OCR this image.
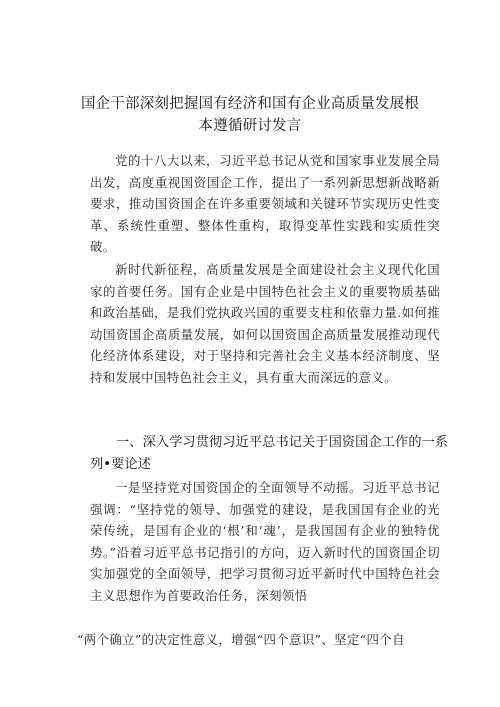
国企干部深刻把握国有经济和国有企业高质量发展根
本遵循研讨发言
党的十八大以来，习近平总书记从党和国家事业发展全局出发，高度重视国资国企工作，提出了一系列新思想新战略新要求，推动国资国企在许多重要领域和关键环节实现历史性变革、系统性重塑、整体性重构，取得变革性实践和实质性突破。
新时代新征程，高质量发展是全面建设社会主义现代化国家的首要任务。国有企业是中国特色社会主义的重要物质基础和政治基础，是我们党执政兴国的重要支柱和依靠力量.如何推动国资国企高质量发展，如何以国资国企高质量发展推动现代化经济体系建设，对于坚持和完善社会主义基本经济制度、坚持和发展中国特色社会主义，具有重大而深远的意义。
一、深入学习贯彻习近平总书记关于国资国企工作的一系列•要论述
一是坚持党对国资国企的全面领导不动摇。习近平总书记强调：“坚持党的领导、加强党的建设，是我国国有企业的光荣传统，是国有企业的‘根’和‘魂’，是我国国有企业的独特优势。”沿着习近平总书记指引的方向，迈入新时代的国资国企切实加强党的全面领导，把学习贯彻习近平新时代中国特色社会主义思想作为首要政治任务，深刻领悟
“两个确立”的决定性意义，增强“四个意识”、坚定“四个自
